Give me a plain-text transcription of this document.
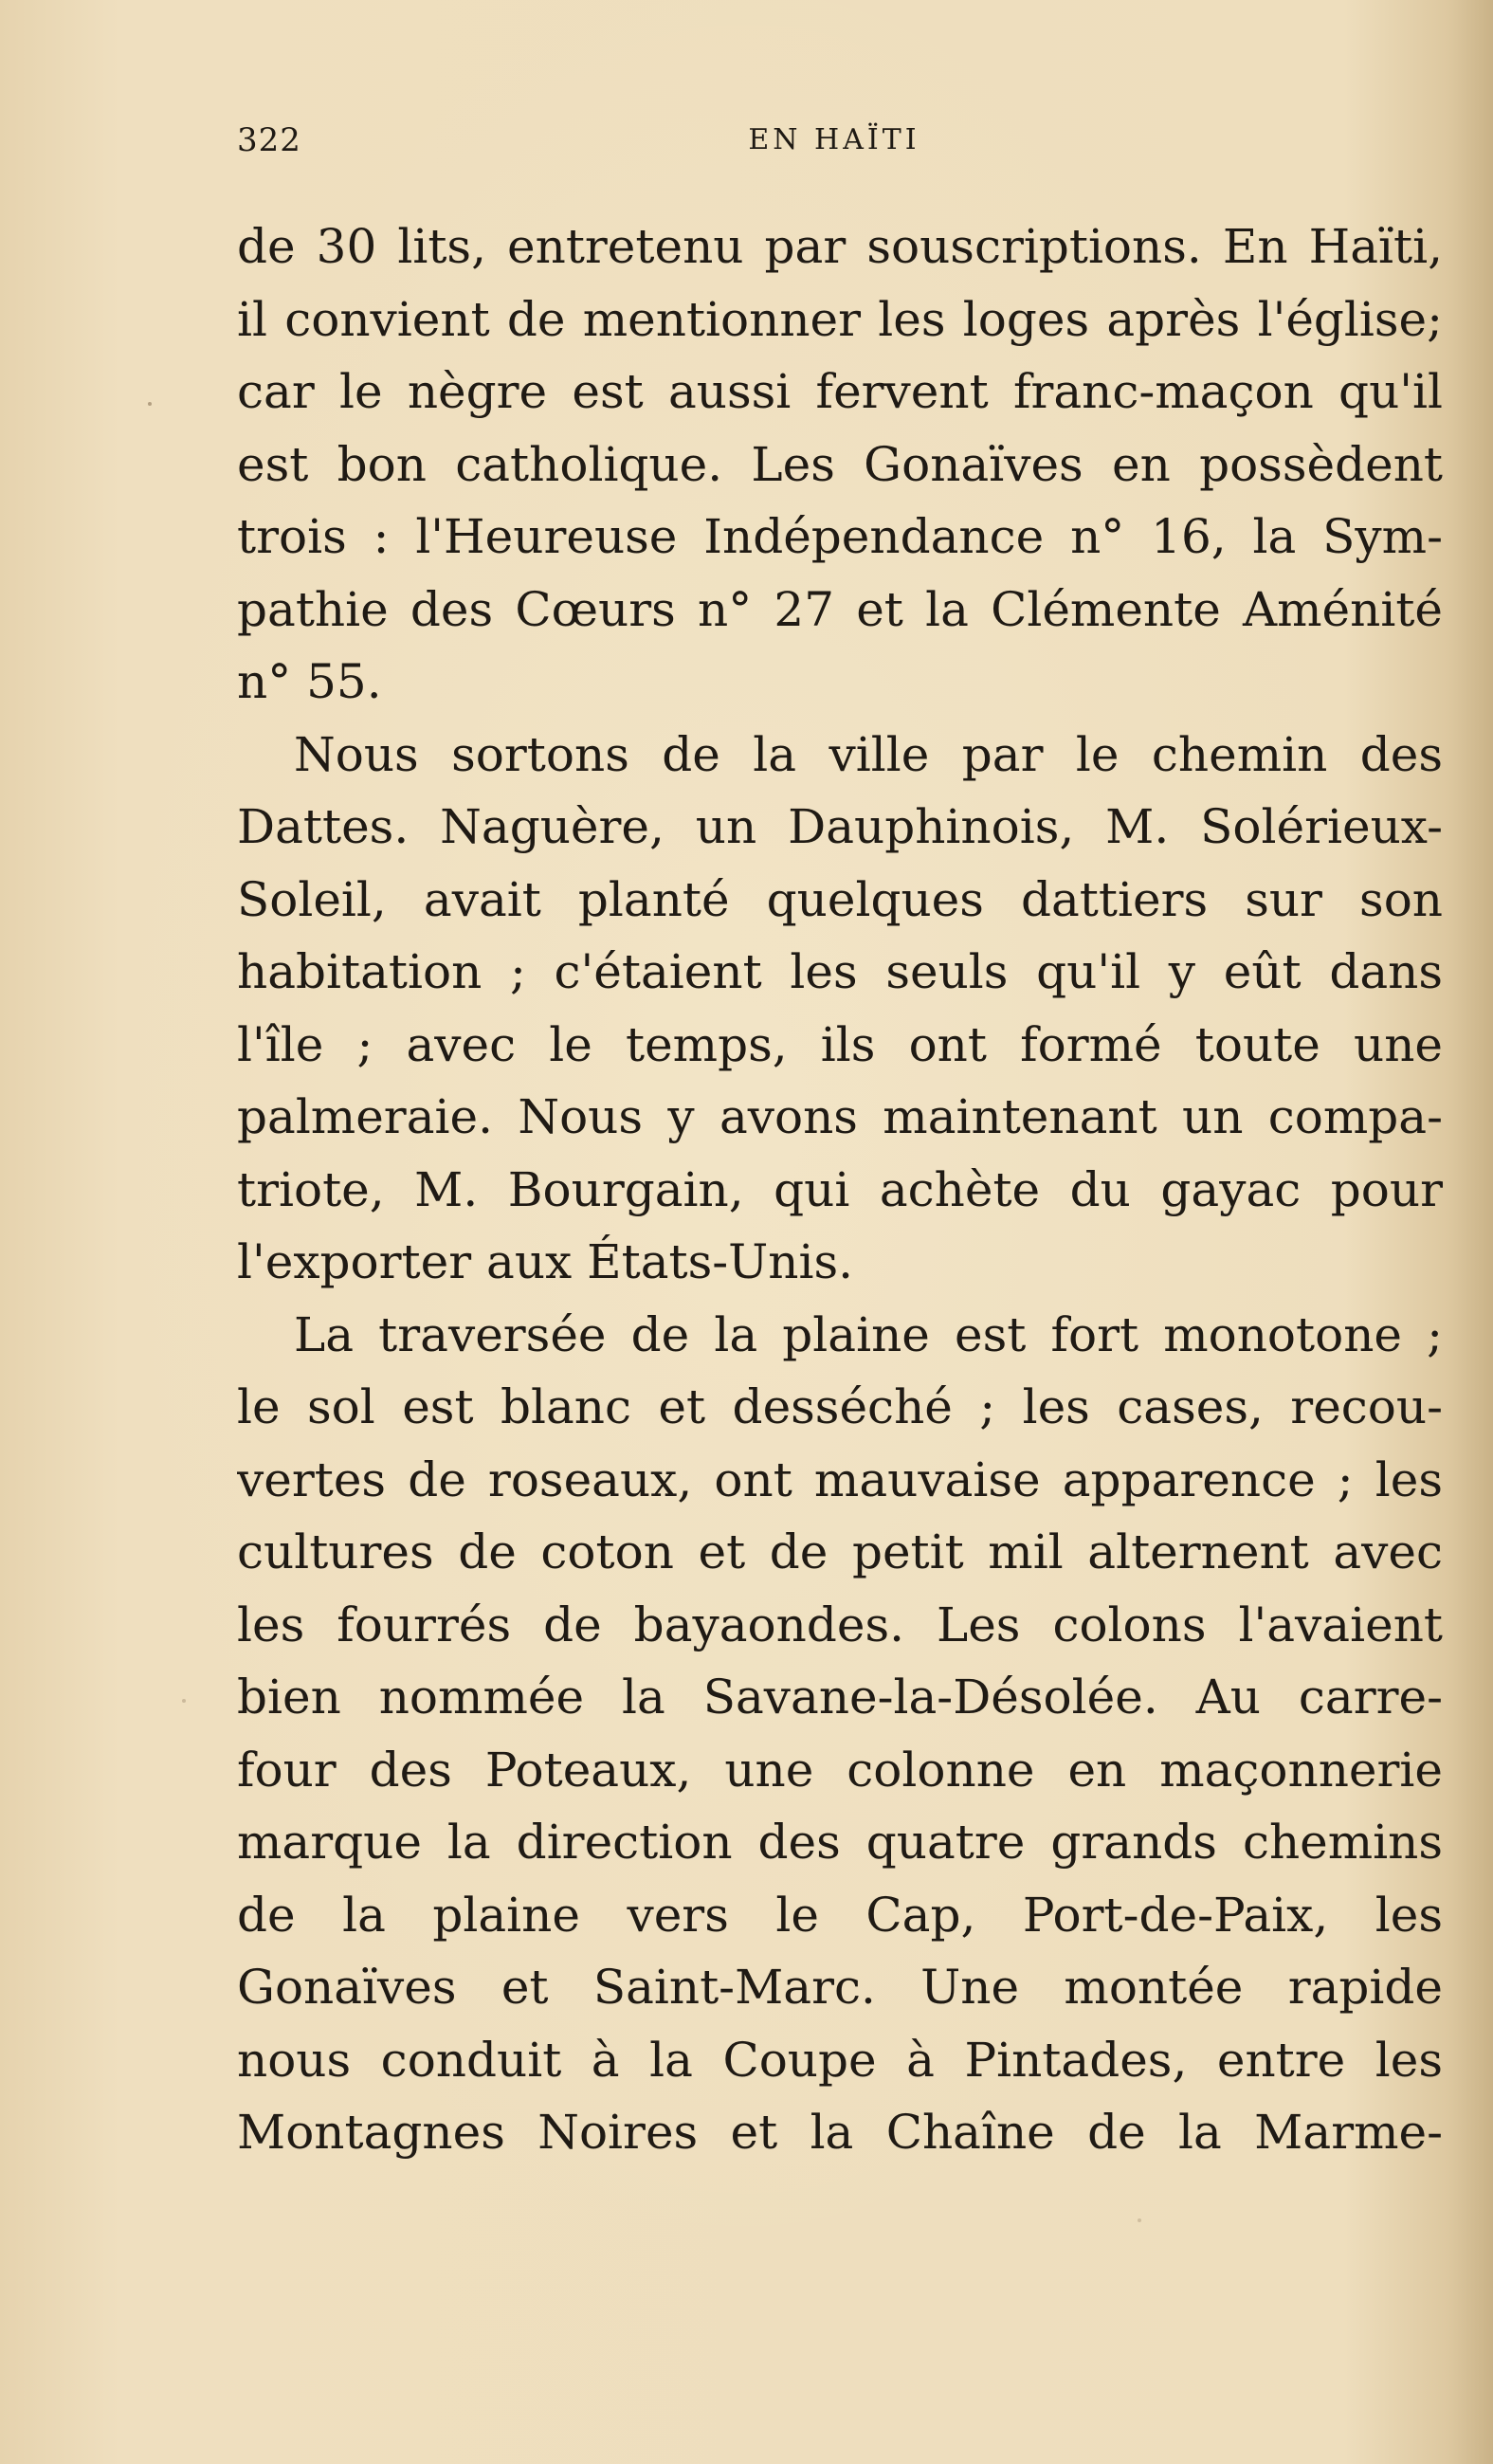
322	EN HAÏTI
de 30 lits, entretenu par souscriptions. En Haïti,
il convient de mentionner les loges après l'église;
car le nègre est aussi fervent franc-maçon qu'il
est bon catholique. Les Gonaïves en possèdent
trois : l'Heureuse Indépendance n° 16, la Sym-
pathie des Cœurs n° 27 et la Clémente Aménité
n° 55.
Nous sortons de la ville par le chemin des
Dattes. Naguère, un Dauphinois, M. Solérieux-
Soleil, avait planté quelques dattiers sur son
habitation ; c'étaient les seuls qu'il y eût dans
l'île ; avec le temps, ils ont formé toute une
palmeraie. Nous y avons maintenant un compa-
triote, M. Bourgain, qui achète du gayac pour
l'exporter aux États-Unis.
La traversée de la plaine est fort monotone ;
le sol est blanc et desséché ; les cases, recou-
vertes de roseaux, ont mauvaise apparence ; les
cultures de coton et de petit mil alternent avec
les fourrés de bayaondes. Les colons l'avaient
bien nommée la Savane-la-Désolée. Au carre-
four des Poteaux, une colonne en maçonnerie
marque la direction des quatre grands chemins
de la plaine vers le Cap, Port-de-Paix, les
Gonaïves et Saint-Marc. Une montée rapide
nous conduit à la Coupe à Pintades, entre les
Montagnes Noires et la Chaîne de la Marme-
